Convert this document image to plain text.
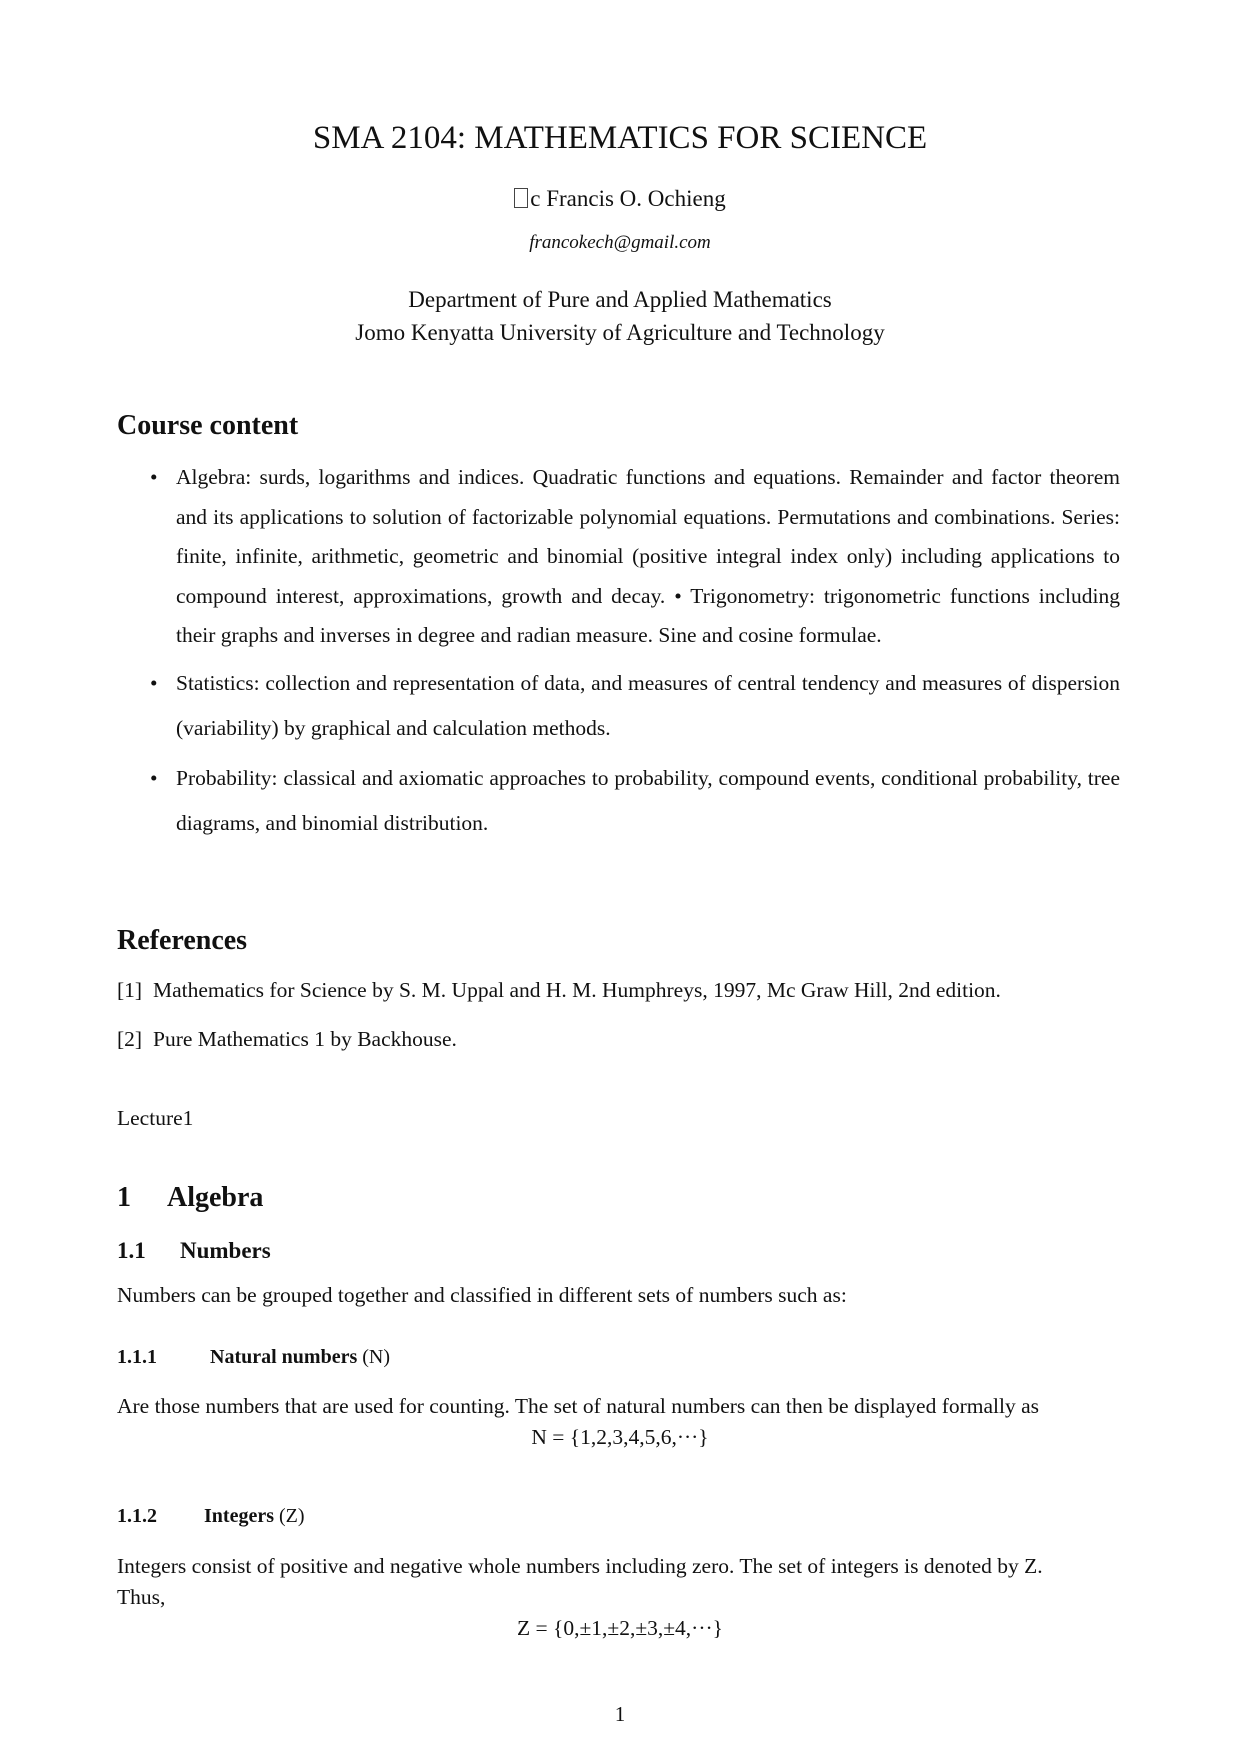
SMA 2104: MATHEMATICS FOR SCIENCE
c Francis O. Ochieng
francokech@gmail.com
Department of Pure and Applied Mathematics
Jomo Kenyatta University of Agriculture and Technology
Course content
• Algebra: surds, logarithms and indices. Quadratic functions and equations. Remainder and factor theorem and its applications to solution of factorizable polynomial equations. Permutations and combinations. Series: finite, infinite, arithmetic, geometric and binomial (positive integral index only) including applications to compound interest, approximations, growth and decay. • Trigonometry: trigonometric functions including their graphs and inverses in degree and radian measure. Sine and cosine formulae.
• Statistics: collection and representation of data, and measures of central tendency and measures of dispersion (variability) by graphical and calculation methods.
• Probability: classical and axiomatic approaches to probability, compound events, conditional probability, tree diagrams, and binomial distribution.
References
[1] Mathematics for Science by S. M. Uppal and H. M. Humphreys, 1997, Mc Graw Hill, 2nd edition.
[2] Pure Mathematics 1 by Backhouse.
Lecture1
1 Algebra
1.1 Numbers
Numbers can be grouped together and classified in different sets of numbers such as:
1.1.1	Natural numbers (N)
Are those numbers that are used for counting. The set of natural numbers can then be displayed formally as
N = {1,2,3,4,5,6,···}
1.1.2 Integers (Z)
Integers consist of positive and negative whole numbers including zero. The set of integers is denoted by Z.
Thus,
Z = {0,±1,±2,±3,±4,···}
1
